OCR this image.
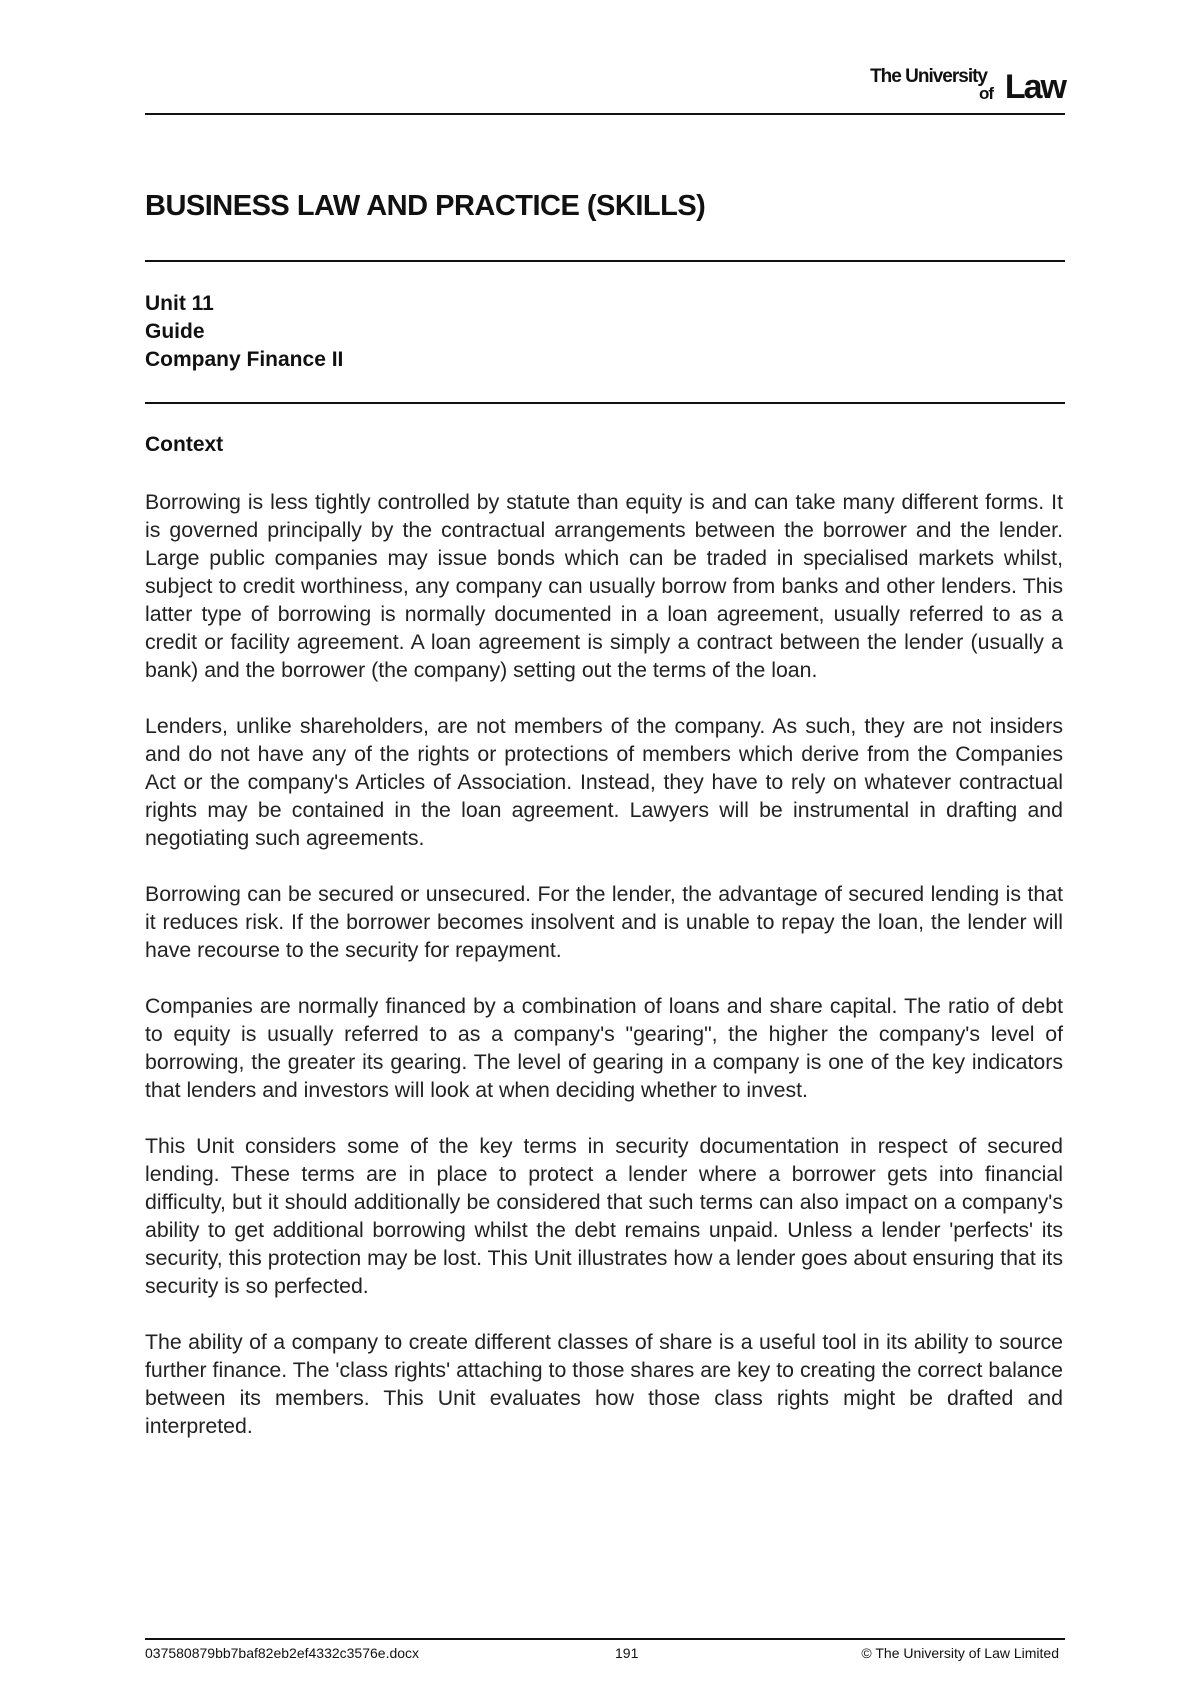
The University
of Law
BUSINESS LAW AND PRACTICE (SKILLS)
Unit 11
Guide
Company Finance II
Context

Borrowing is less tightly controlled by statute than equity is and can take many different forms. It is governed principally by the contractual arrangements between the borrower and the lender. Large public companies may issue bonds which can be traded in specialised markets whilst, subject to credit worthiness, any company can usually borrow from banks and other lenders. This latter type of borrowing is normally documented in a loan agreement, usually referred to as a credit or facility agreement. A loan agreement is simply a contract between the lender (usually a bank) and the borrower (the company) setting out the terms of the loan.

Lenders, unlike shareholders, are not members of the company. As such, they are not insiders and do not have any of the rights or protections of members which derive from the Companies Act or the company's Articles of Association. Instead, they have to rely on whatever contractual rights may be contained in the loan agreement. Lawyers will be instrumental in drafting and negotiating such agreements.

Borrowing can be secured or unsecured. For the lender, the advantage of secured lending is that it reduces risk. If the borrower becomes insolvent and is unable to repay the loan, the lender will have recourse to the security for repayment.

Companies are normally financed by a combination of loans and share capital. The ratio of debt to equity is usually referred to as a company's "gearing", the higher the company's level of borrowing, the greater its gearing. The level of gearing in a company is one of the key indicators that lenders and investors will look at when deciding whether to invest.

This Unit considers some of the key terms in security documentation in respect of secured lending. These terms are in place to protect a lender where a borrower gets into financial difficulty, but it should additionally be considered that such terms can also impact on a company's ability to get additional borrowing whilst the debt remains unpaid. Unless a lender 'perfects' its security, this protection may be lost. This Unit illustrates how a lender goes about ensuring that its security is so perfected.

The ability of a company to create different classes of share is a useful tool in its ability to source further finance. The 'class rights' attaching to those shares are key to creating the correct balance between its members. This Unit evaluates how those class rights might be drafted and interpreted.

037580879bb7baf82eb2ef4332c3576e.docx	191	© The University of Law Limited
